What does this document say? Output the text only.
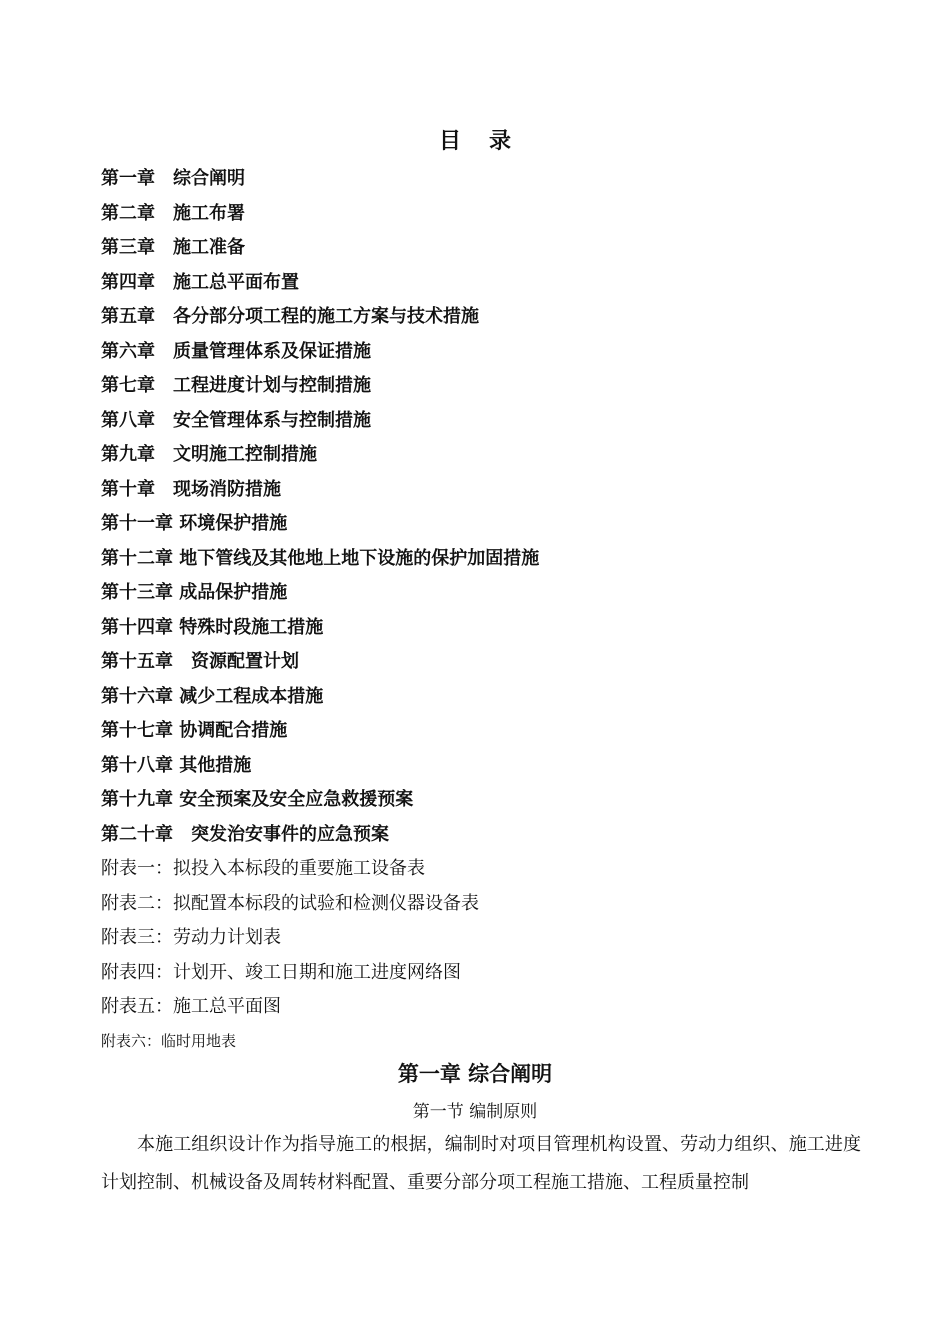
目录
第一章　综合阐明
第二章　施工布署
第三章　施工准备
第四章　施工总平面布置
第五章　各分部分项工程的施工方案与技术措施
第六章　质量管理体系及保证措施
第七章　工程进度计划与控制措施
第八章　安全管理体系与控制措施
第九章　文明施工控制措施
第十章　现场消防措施
第十一章 环境保护措施
第十二章 地下管线及其他地上地下设施的保护加固措施
第十三章 成品保护措施
第十四章 特殊时段施工措施
第十五章　资源配置计划
第十六章 减少工程成本措施
第十七章 协调配合措施
第十八章 其他措施
第十九章 安全预案及安全应急救援预案
第二十章　突发治安事件的应急预案
附表一：拟投入本标段的重要施工设备表
附表二：拟配置本标段的试验和检测仪器设备表
附表三：劳动力计划表
附表四：计划开、竣工日期和施工进度网络图
附表五：施工总平面图
附表六：临时用地表
第一章 综合阐明
第一节 编制原则
本施工组织设计作为指导施工的根据，编制时对项目管理机构设置、劳动力组织、施工进度计划控制、机械设备及周转材料配置、重要分部分项工程施工措施、工程质量控制
